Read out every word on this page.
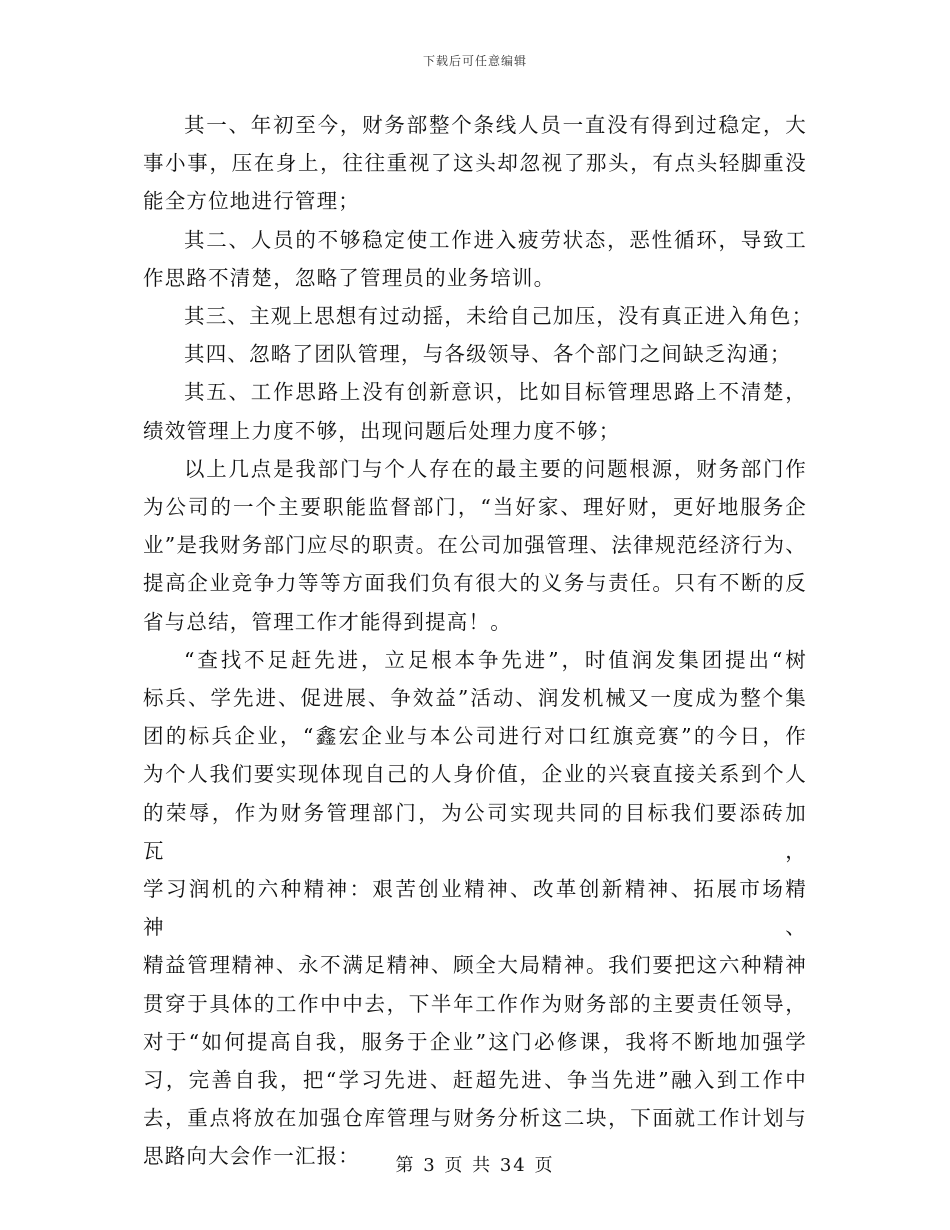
下载后可任意编辑
其一、年初至今，财务部整个条线人员一直没有得到过稳定，大
事小事，压在身上，往往重视了这头却忽视了那头，有点头轻脚重没
能全方位地进行管理；
其二、人员的不够稳定使工作进入疲劳状态，恶性循环，导致工
作思路不清楚，忽略了管理员的业务培训。
其三、主观上思想有过动摇，未给自己加压，没有真正进入角色；
其四、忽略了团队管理，与各级领导、各个部门之间缺乏沟通；
其五、工作思路上没有创新意识，比如目标管理思路上不清楚，
绩效管理上力度不够，出现问题后处理力度不够；
以上几点是我部门与个人存在的最主要的问题根源，财务部门作
为公司的一个主要职能监督部门，“当好家、理好财，更好地服务企
业”是我财务部门应尽的职责。在公司加强管理、法律规范经济行为、
提高企业竞争力等等方面我们负有很大的义务与责任。只有不断的反
省与总结，管理工作才能得到提高！。
“查找不足赶先进，立足根本争先进”，时值润发集团提出“树
标兵、学先进、促进展、争效益”活动、润发机械又一度成为整个集
团的标兵企业，“鑫宏企业与本公司进行对口红旗竞赛”的今日，作
为个人我们要实现体现自己的人身价值，企业的兴衰直接关系到个人
的荣辱，作为财务管理部门，为公司实现共同的目标我们要添砖加瓦，
学习润机的六种精神：艰苦创业精神、改革创新精神、拓展市场精神、
精益管理精神、永不满足精神、顾全大局精神。我们要把这六种精神
贯穿于具体的工作中中去，下半年工作作为财务部的主要责任领导，
对于“如何提高自我，服务于企业”这门必修课，我将不断地加强学
习，完善自我，把“学习先进、赶超先进、争当先进”融入到工作中
去，重点将放在加强仓库管理与财务分析这二块，下面就工作计划与
思路向大会作一汇报：	第 3 页 共 34 页
